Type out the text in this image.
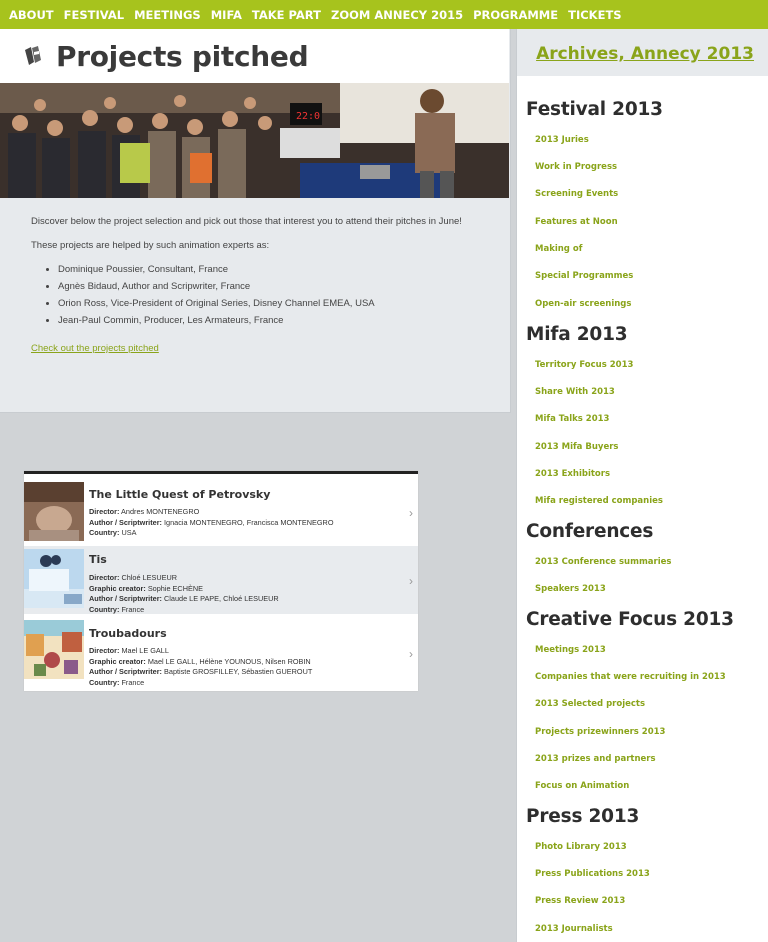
ABOUT FESTIVAL MEETINGS MIFA TAKE PART ZOOM ANNECY 2015 PROGRAMME TICKETS
Projects pitched
22:0

Discover below the project selection and pick out those that interest you to attend their pitches in June!

These projects are helped by such animation experts as:

• Dominique Poussier, Consultant, France
• Agnès Bidaud, Author and Scripwriter, France
• Orion Ross, Vice-President of Original Series, Disney Channel EMEA, USA
• Jean-Paul Commin, Producer, Les Armateurs, France
Check out the projects pitched
The Little Quest of Petrovsky
Director: Andres MONTENEGRO
Author / Scriptwriter: Ignacia MONTENEGRO, Francisca MONTENEGRO
Country: USA
›
Tis
Director: Chloé LESUEUR
Graphic creator: Sophie ECHÈNE
Author / Scriptwriter: Claude LE PAPE, Chloé LESUEUR
Country: France
›
Troubadours
Director: Mael LE GALL
Graphic creator: Mael LE GALL, Hélène YOUNOUS, Nilsen ROBIN
Author / Scriptwriter: Baptiste GROSFILLEY, Sébastien GUEROUT
Country: France
›
Archives, Annecy 2013
Festival 2013
2013 Juries
Work in Progress
Screening Events
Features at Noon
Making of
Special Programmes
Open-air screenings
Mifa 2013
Territory Focus 2013
Share With 2013
Mifa Talks 2013
2013 Mifa Buyers
2013 Exhibitors
Mifa registered companies
Conferences
2013 Conference summaries
Speakers 2013
Creative Focus 2013
Meetings 2013
Companies that were recruiting in 2013
2013 Selected projects
Projects prizewinners 2013
2013 prizes and partners
Focus on Animation
Press 2013
Photo Library 2013
Press Publications 2013
Press Review 2013
2013 Journalists
